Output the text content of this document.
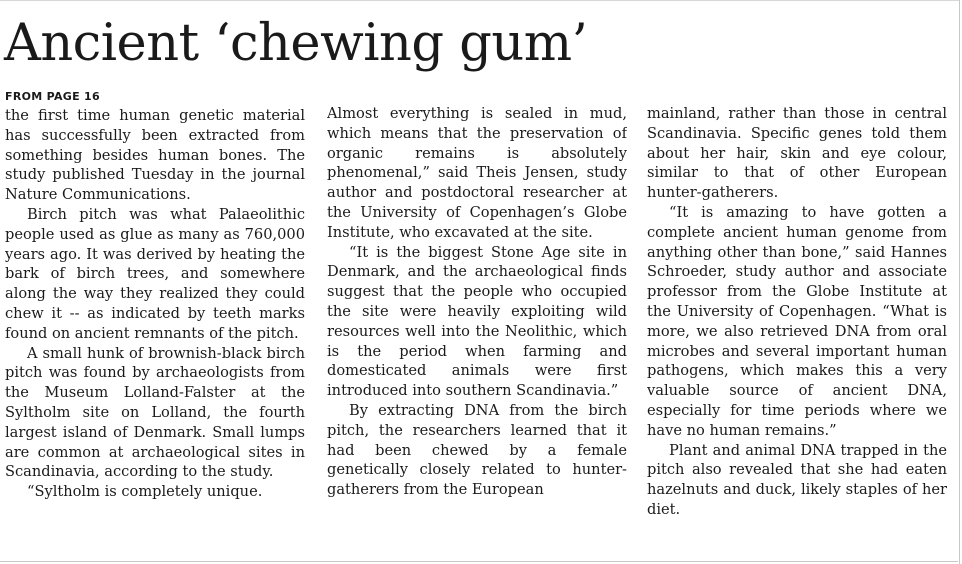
Ancient ‘chewing gum’
FROM PAGE 16

the first time human genetic material has successfully been extracted from something besides human bones. The study published Tuesday in the journal Nature Communications.

Birch pitch was what Palaeolithic people used as glue as many as 760,000 years ago. It was derived by heating the bark of birch trees, and somewhere along the way they realized they could chew it -- as indicated by teeth marks found on ancient remnants of the pitch.

A small hunk of brownish-black birch pitch was found by archaeologists from the Museum Lolland-Falster at the Syltholm site on Lolland, the fourth largest island of Denmark. Small lumps are common at archaeological sites in Scandinavia, according to the study.

“Syltholm is completely unique.

Almost everything is sealed in mud, which means that the preservation of organic remains is absolutely phenomenal,” said Theis Jensen, study author and postdoctoral researcher at the University of Copenhagen’s Globe Institute, who excavated at the site.

“It is the biggest Stone Age site in Denmark, and the archaeological finds suggest that the people who occupied the site were heavily exploiting wild resources well into the Neolithic, which is the period when farming and domesticated animals were first introduced into southern Scandinavia.”

By extracting DNA from the birch pitch, the researchers learned that it had been chewed by a female genetically closely related to hunter-gatherers from the European

mainland, rather than those in central Scandinavia. Specific genes told them about her hair, skin and eye colour, similar to that of other European hunter-gatherers.

“It is amazing to have gotten a complete ancient human genome from anything other than bone,” said Hannes Schroeder, study author and associate professor from the Globe Institute at the University of Copenhagen. “What is more, we also retrieved DNA from oral microbes and several important human pathogens, which makes this a very valuable source of ancient DNA, especially for time periods where we have no human remains.”

Plant and animal DNA trapped in the pitch also revealed that she had eaten hazelnuts and duck, likely staples of her diet.
